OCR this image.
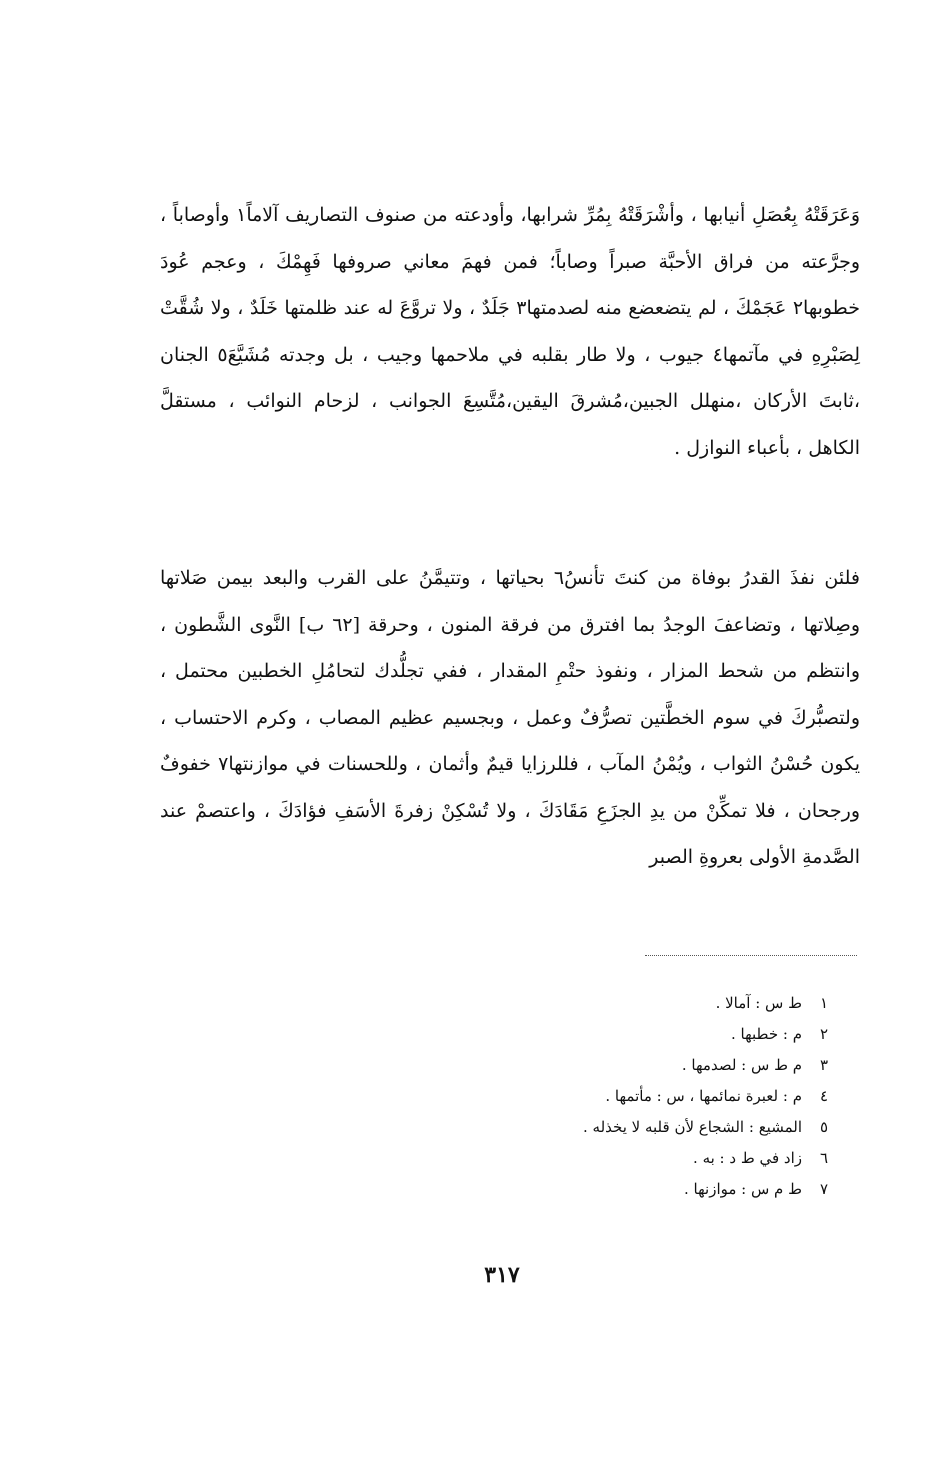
وَعَرَقَتْهُ بِعُصَلِ أنيابها ، وأشْرَقَتْهُ بِمُرِّ شرابها، وأودعته من صنوف التصاريف آلاماً١ وأوصاباً ، وجرَّعته من فراق الأحبَّة صبراً وصاباً؛ فمن فهمَ معاني صروفها فَهِمْكَ ، وعجم عُودَ خطوبها٢ عَجَمْكَ ، لم يتضعضع منه لصدمتها٣ جَلَدٌ ، ولا تروَّعَ له عند ظلمتها خَلَدٌ ، ولا شُقَّتْ لِصَبْرِهِ في مآتمها٤ جيوب ، ولا طار بقلبه في ملاحمها وجيب ، بل وجدته مُشَيَّعَ٥ الجنان ،ثابتَ الأركان ،منهلل الجبين،مُشرقَ اليقين،مُتَّسِعَ الجوانب ، لزحام النوائب ، مستقلَّ الكاهل ، بأعباء النوازل .

فلئن نفذَ القدرُ بوفاة من كنتَ تأنسُ٦ بحياتها ، وتتيمَّنُ على القرب والبعد بيمن صَلاتها وصِلاتها ، وتضاعفَ الوجدُ بما افترق من فرقة المنون ، وحرقة [٦٢ ب] النَّوى الشَّطون ، وانتظم من شحط المزار ، ونفوذ حتْمِ المقدار ، ففي تجلُّدك لتحامُلِ الخطبين محتمل ، ولتصبُّركَ في سوم الخطَّتين تصرُّفٌ وعمل ، وبجسيم عظيم المصاب ، وكرم الاحتساب ، يكون حُسْنُ الثواب ، ويُمْنُ المآب ، فللرزايا قيمٌ وأثمان ، وللحسنات في موازنتها٧ خفوفٌ ورجحان ، فلا تمكِّنْ من يدِ الجزَعِ مَقَادَكَ ، ولا تُسْكِنْ زفرةَ الأسَفِ فؤادَكَ ، واعتصمْ عند الصَّدمةِ الأولى بعروةِ الصبر

١ط س : آمالا .
٢م : خطبها .
٣م ط س : لصدمها .
٤م : لعبرة نمائمها ، س : مأتمها .
٥المشيع : الشجاع لأن قلبه لا يخذله .
٦زاد في ط د : به .
٧ط م س : موازنها .
٣١٧
